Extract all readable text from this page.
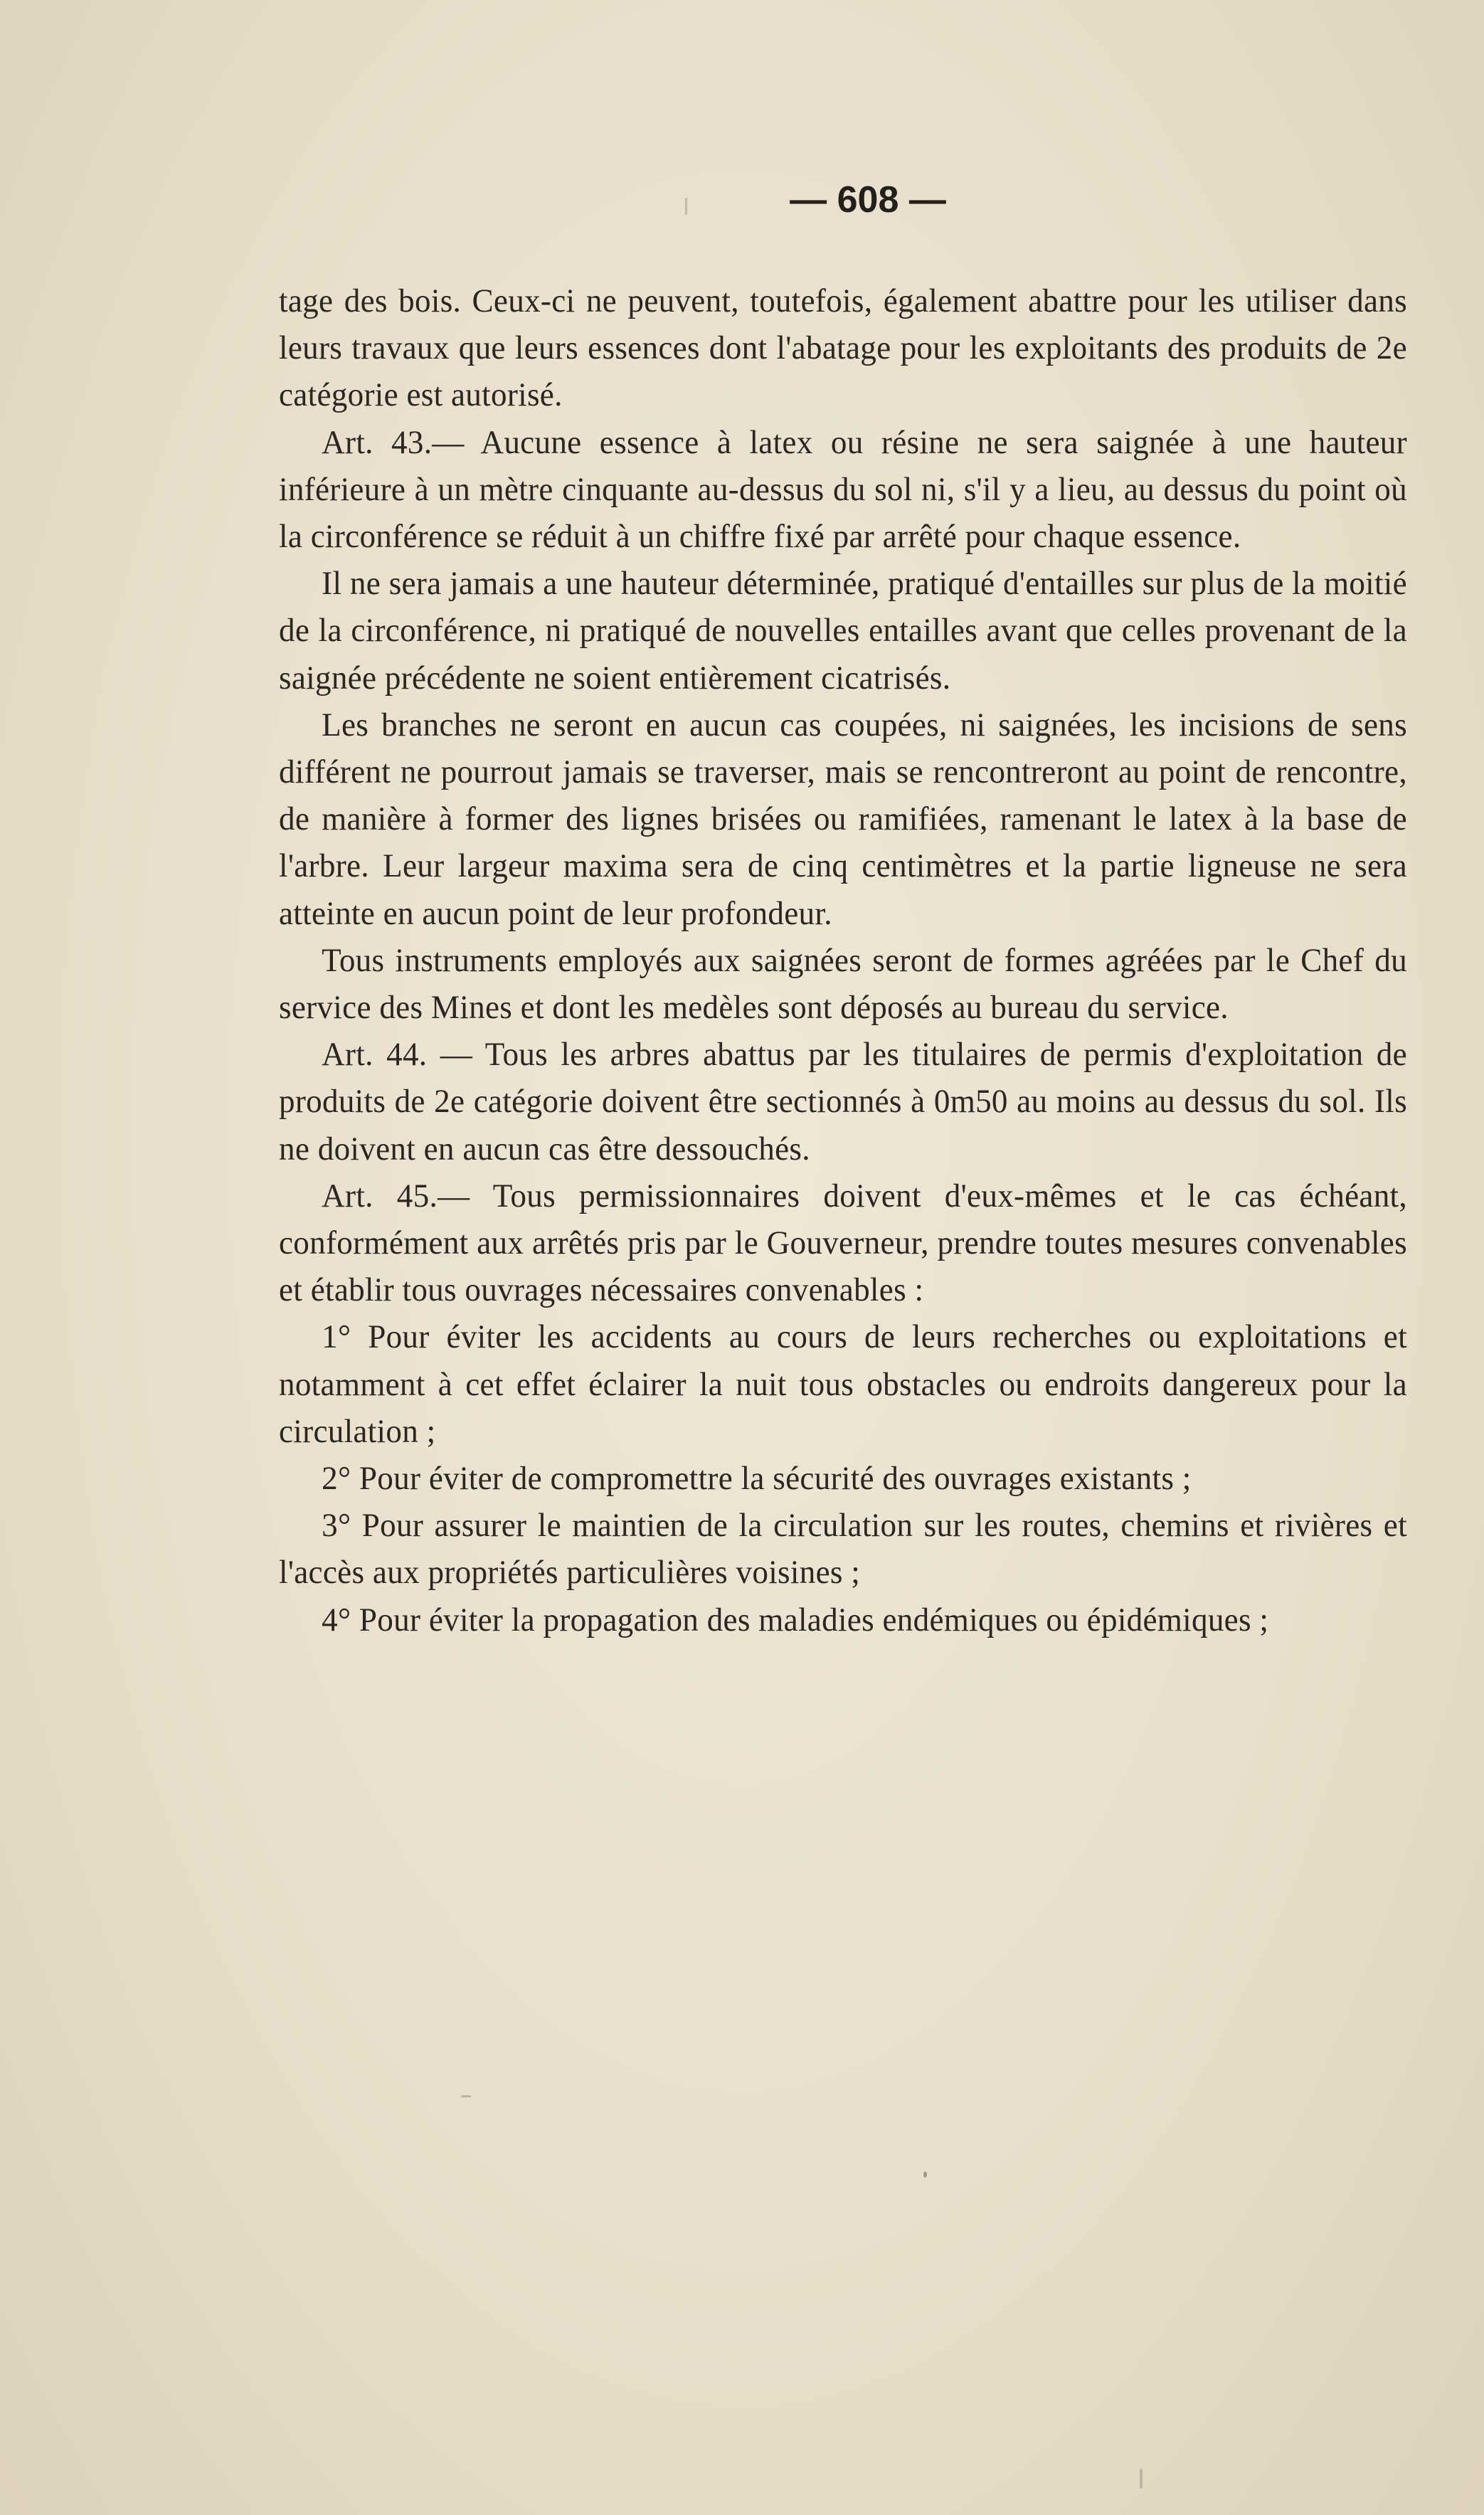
— 608 —

tage des bois. Ceux-ci ne peuvent, toutefois, également abattre pour les utiliser dans leurs travaux que leurs essences dont l'abatage pour les exploitants des produits de 2e catégorie est autorisé.

Art. 43.— Aucune essence à latex ou résine ne sera saignée à une hauteur inférieure à un mètre cinquante au-dessus du sol ni, s'il y a lieu, au dessus du point où la circonférence se réduit à un chiffre fixé par arrêté pour chaque essence.

Il ne sera jamais a une hauteur déterminée, pratiqué d'entailles sur plus de la moitié de la circonférence, ni pratiqué de nouvelles entailles avant que celles provenant de la saignée précédente ne soient entièrement cicatrisés.

Les branches ne seront en aucun cas coupées, ni saignées, les incisions de sens différent ne pourrout jamais se traverser, mais se rencontreront au point de rencontre, de manière à former des lignes brisées ou ramifiées, ramenant le latex à la base de l'arbre. Leur largeur maxima sera de cinq centimètres et la partie ligneuse ne sera atteinte en aucun point de leur profondeur.

Tous instruments employés aux saignées seront de formes agréées par le Chef du service des Mines et dont les medèles sont déposés au bureau du service.

Art. 44. — Tous les arbres abattus par les titulaires de permis d'exploitation de produits de 2e catégorie doivent être sectionnés à 0m50 au moins au dessus du sol. Ils ne doivent en aucun cas être dessouchés.

Art. 45.— Tous permissionnaires doivent d'eux-mêmes et le cas échéant, conformément aux arrêtés pris par le Gouverneur, prendre toutes mesures convenables et établir tous ouvrages nécessaires convenables :

1° Pour éviter les accidents au cours de leurs recherches ou exploitations et notamment à cet effet éclairer la nuit tous obstacles ou endroits dangereux pour la circulation ;

2° Pour éviter de compromettre la sécurité des ouvrages existants ;

3° Pour assurer le maintien de la circulation sur les routes, chemins et rivières et l'accès aux propriétés particulières voisines ;

4° Pour éviter la propagation des maladies endémiques ou épidémiques ;
